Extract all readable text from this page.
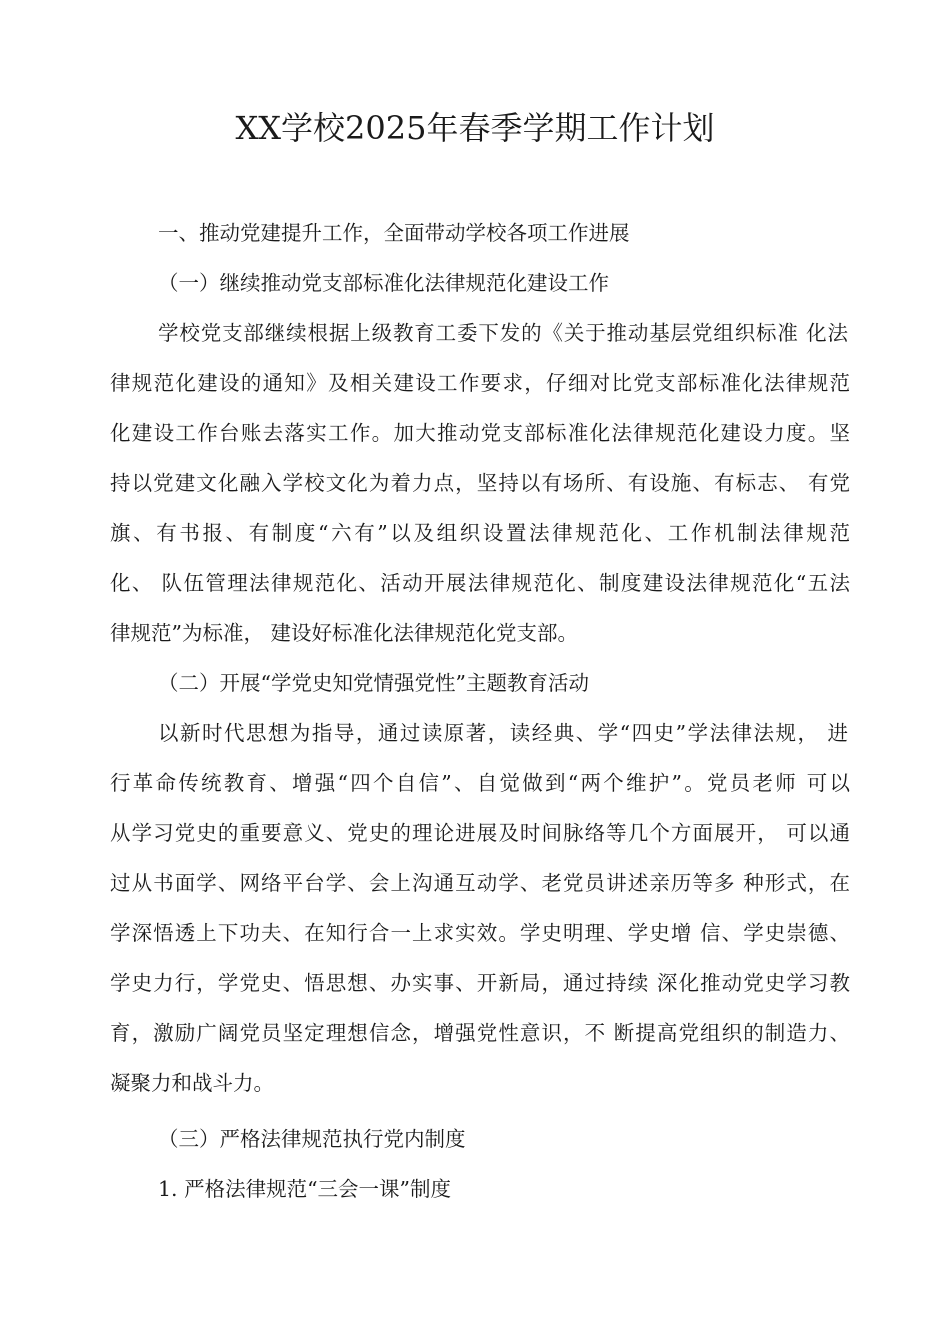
XX学校2025年春季学期工作计划
一、推动党建提升工作，全面带动学校各项工作进展
（一）继续推动党支部标准化法律规范化建设工作
学校党支部继续根据上级教育工委下发的《关于推动基层党组织标准 化法
律规范化建设的通知》及相关建设工作要求，仔细对比党支部标准化法律规范
化建设工作台账去落实工作。加大推动党支部标准化法律规范化建设力度。坚
持以党建文化融入学校文化为着力点，坚持以有场所、有设施、有标志、 有党
旗、有书报、有制度“六有”以及组织设置法律规范化、工作机制法律规范
化、 队伍管理法律规范化、活动开展法律规范化、制度建设法律规范化“五法
律规范”为标准， 建设好标准化法律规范化党支部。
（二）开展“学党史知党情强党性”主题教育活动
以新时代思想为指导，通过读原著，读经典、学“四史”学法律法规， 进
行革命传统教育、增强“四个自信”、自觉做到“两个维护”。党员老师 可以
从学习党史的重要意义、党史的理论进展及时间脉络等几个方面展开， 可以通
过从书面学、网络平台学、会上沟通互动学、老党员讲述亲历等多 种形式，在
学深悟透上下功夫、在知行合一上求实效。学史明理、学史增 信、学史崇德、
学史力行，学党史、悟思想、办实事、开新局，通过持续 深化推动党史学习教
育，激励广阔党员坚定理想信念，增强党性意识，不 断提高党组织的制造力、
凝聚力和战斗力。
（三）严格法律规范执行党内制度
1. 严格法律规范“三会一课”制度
